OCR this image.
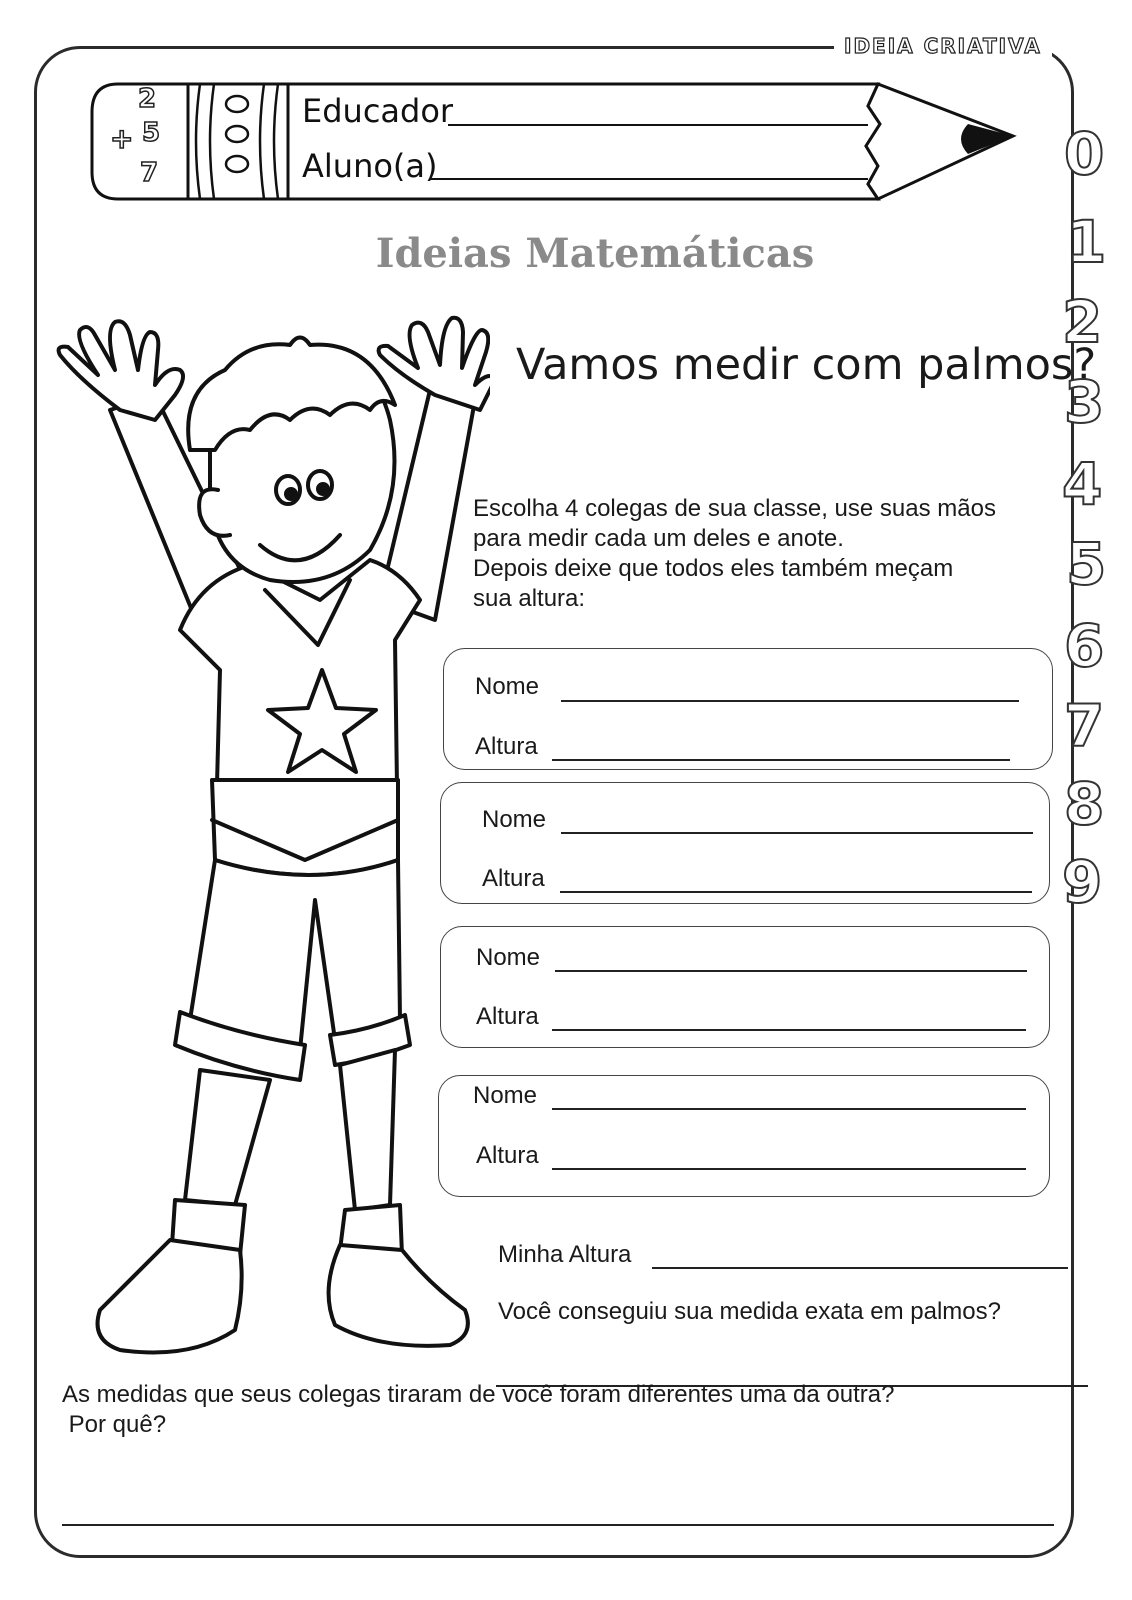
IDEIA CRIATIVA
2
+ 5
7
Educador
Aluno(a)
Ideias Matemáticas
Vamos medir com palmos?
Escolha 4 colegas de sua classe, use suas mãos
para medir cada um deles e anote.
Depois deixe que todos eles também meçam
sua altura:
Nome
Altura
Nome
Altura
Nome
Altura
Nome
Altura
Minha Altura
Você conseguiu sua medida exata em palmos?
As medidas que seus colegas tiraram de você foram diferentes uma da outra?
Por quê?
0
1
2
3
4
5
6
7
8
9
